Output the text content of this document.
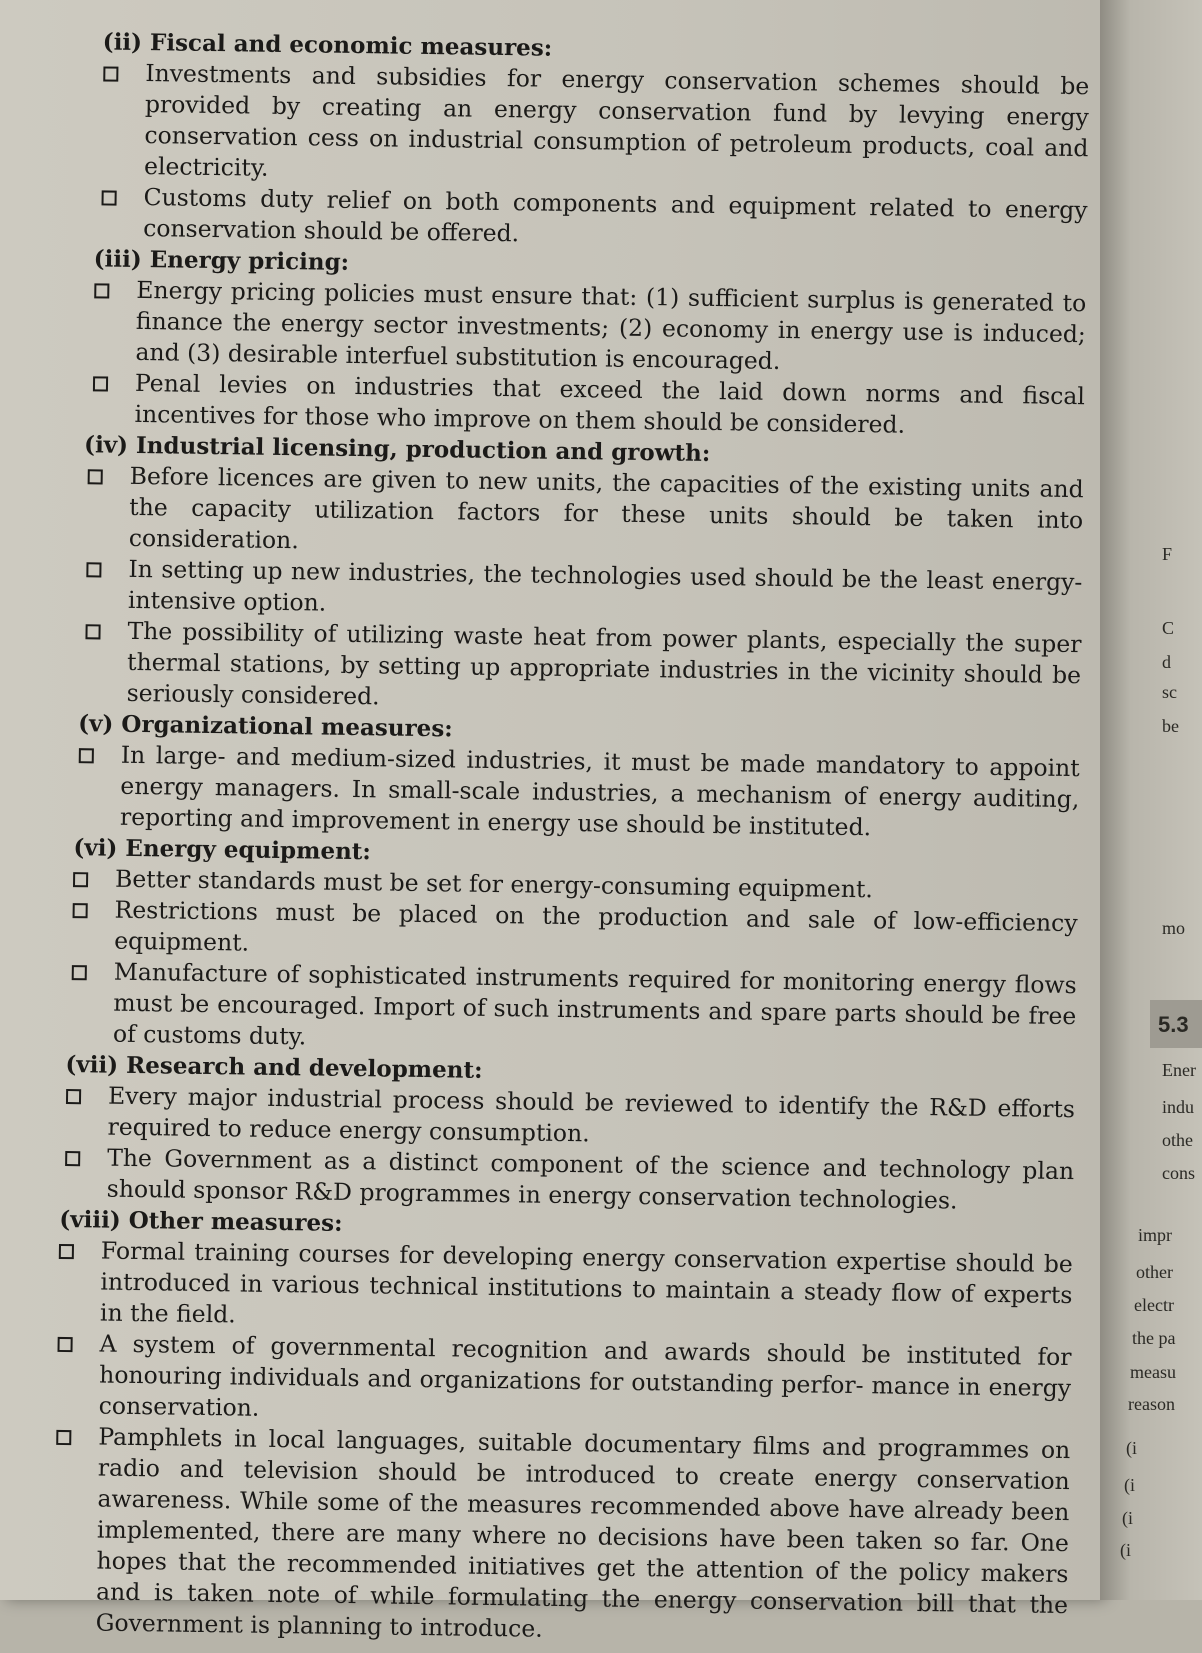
(ii) Fiscal and economic measures:
Investments and subsidies for energy conservation schemes should be provided by creating an energy conservation fund by levying energy conservation cess on industrial consumption of petroleum products, coal and electricity.
Customs duty relief on both components and equipment related to energy conservation should be offered.
(iii) Energy pricing:
Energy pricing policies must ensure that: (1) sufficient surplus is generated to finance the energy sector investments; (2) economy in energy use is induced; and (3) desirable interfuel substitution is encouraged.
Penal levies on industries that exceed the laid down norms and fiscal incentives for those who improve on them should be considered.
(iv) Industrial licensing, production and growth:
Before licences are given to new units, the capacities of the existing units and the capacity utilization factors for these units should be taken into consideration.
In setting up new industries, the technologies used should be the least energy-intensive option.
The possibility of utilizing waste heat from power plants, especially the super thermal stations, by setting up appropriate industries in the vicinity should be seriously considered.
(v) Organizational measures:
In large- and medium-sized industries, it must be made mandatory to appoint energy managers. In small-scale industries, a mechanism of energy auditing, reporting and improvement in energy use should be instituted.
(vi) Energy equipment:
Better standards must be set for energy-consuming equipment.
Restrictions must be placed on the production and sale of low-efficiency equipment.
Manufacture of sophisticated instruments required for monitoring energy flows must be encouraged. Import of such instruments and spare parts should be free of customs duty.
(vii) Research and development:
Every major industrial process should be reviewed to identify the R&D efforts required to reduce energy consumption.
The Government as a distinct component of the science and technology plan should sponsor R&D programmes in energy conservation technologies.
(viii) Other measures:
Formal training courses for developing energy conservation expertise should be introduced in various technical institutions to maintain a steady flow of experts in the field.
A system of governmental recognition and awards should be instituted for honouring individuals and organizations for outstanding perfor- mance in energy conservation.
Pamphlets in local languages, suitable documentary films and programmes on radio and television should be introduced to create energy conservation awareness. While some of the measures recommended above have already been implemented, there are many where no decisions have been taken so far. One hopes that the recommended initiatives get the attention of the policy makers and is taken note of while formulating the energy conservation bill that the Government is planning to introduce.
F
C
d
sc
be
mo
Ener
indu
othe
cons
impr
other
electr
the pa
measu
reason
(i
(i
(i
(i
5.3
